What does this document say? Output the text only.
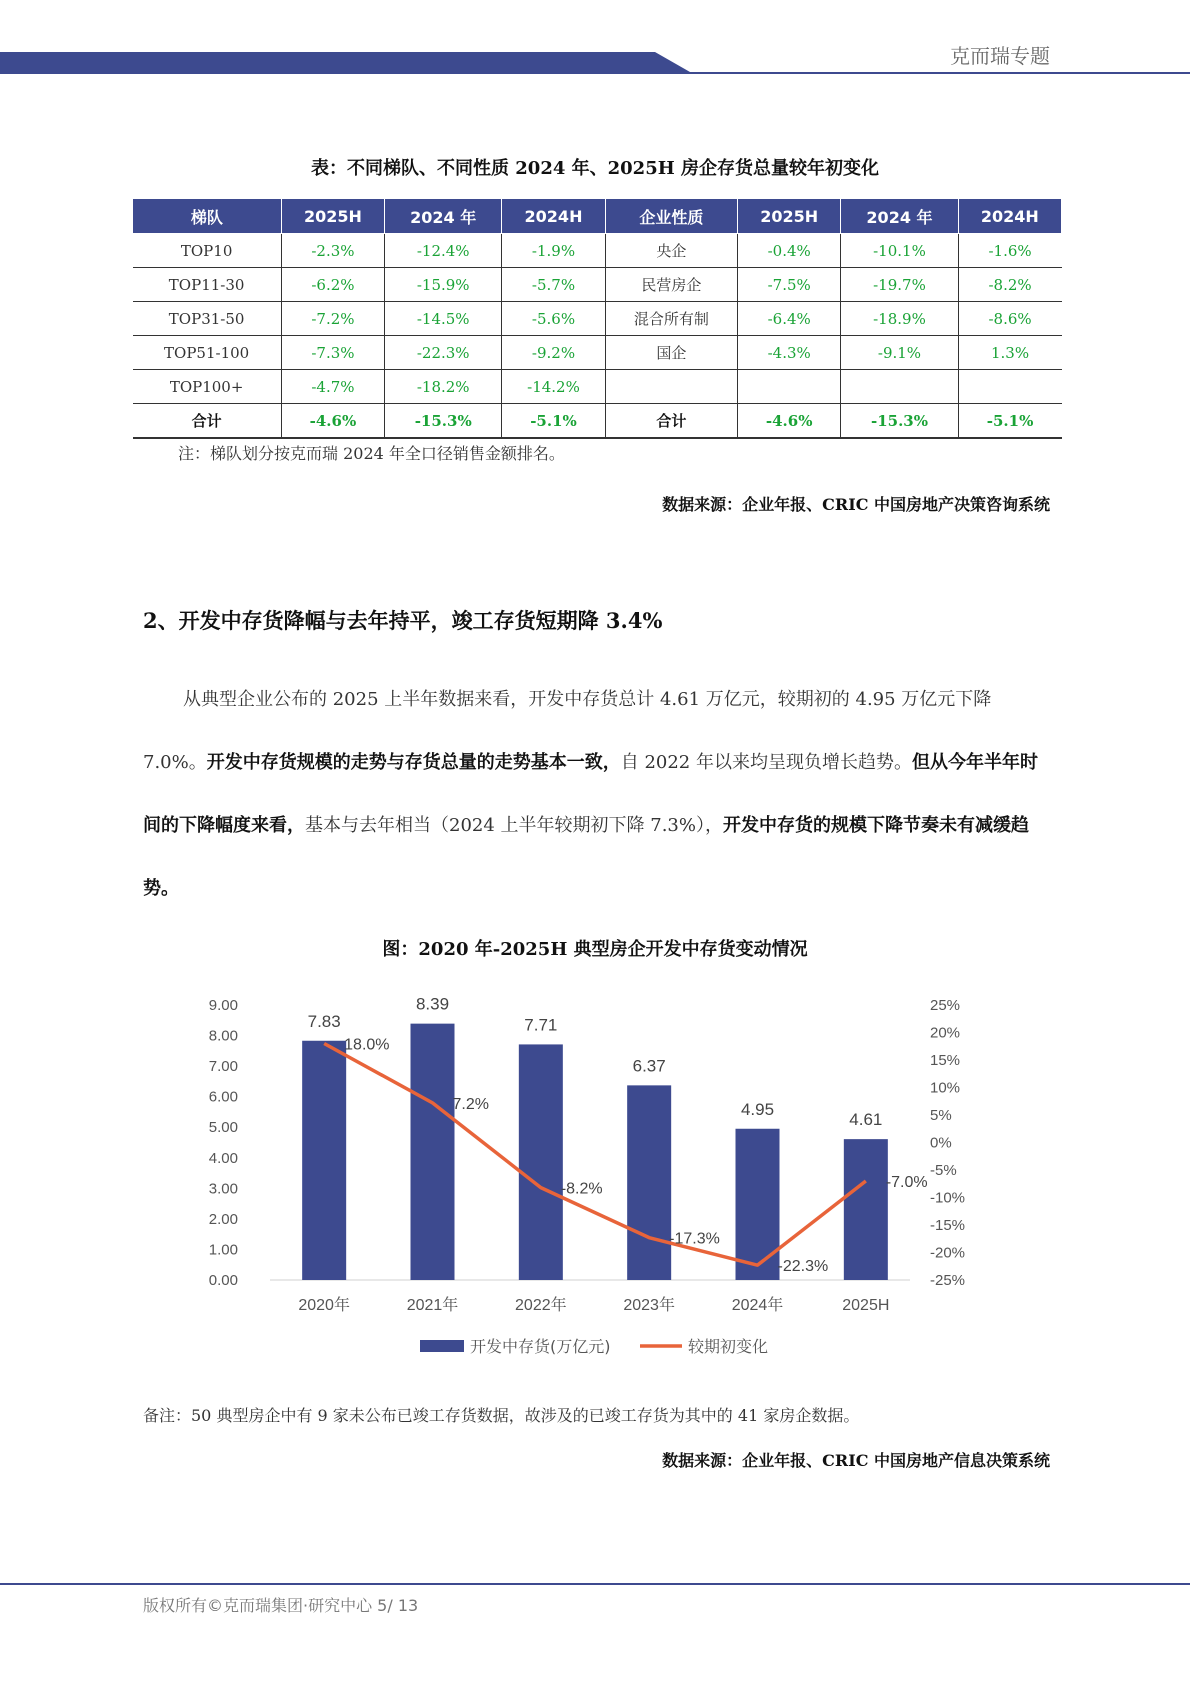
克而瑞专题
表：不同梯队、不同性质 2024 年、2025H 房企存货总量较年初变化
梯队	2025H	2024 年	2024H	企业性质	2025H	2024 年	2024H
TOP10	-2.3%	-12.4%	-1.9%	央企	-0.4%	-10.1%	-1.6%
TOP11-30	-6.2%	-15.9%	-5.7%	民营房企	-7.5%	-19.7%	-8.2%
TOP31-50	-7.2%	-14.5%	-5.6%	混合所有制	-6.4%	-18.9%	-8.6%
TOP51-100	-7.3%	-22.3%	-9.2%	国企	-4.3%	-9.1%	1.3%
TOP100+	-4.7%	-18.2%	-14.2%				
合计	-4.6%	-15.3%	-5.1%	合计	-4.6%	-15.3%	-5.1%
注：梯队划分按克而瑞 2024 年全口径销售金额排名。
数据来源：企业年报、CRIC 中国房地产决策咨询系统
2、开发中存货降幅与去年持平，竣工存货短期降 3.4%
从典型企业公布的 2025 上半年数据来看，开发中存货总计 4.61 万亿元，较期初的 4.95 万亿元下降 7.0%。开发中存货规模的走势与存货总量的走势基本一致，自 2022 年以来均呈现负增长趋势。但从今年半年时间的下降幅度来看，基本与去年相当（2024 上半年较期初下降 7.3%），开发中存货的规模下降节奏未有减缓趋势。
图：2020 年-2025H 典型房企开发中存货变动情况
0.00
1.00
2.00
3.00
4.00
5.00
6.00
7.00
8.00
9.00
-25%
-20%
-15%
-10%
-5%
0%
5%
10%
15%
20%
25%
7.83
8.39
7.71
6.37
4.95
4.61
2020年	2021年	2022年	2023年	2024年	2025H
18.0%
7.2%
-8.2%
-17.3%
-22.3%
-7.0%
开发中存货(万亿元)	较期初变化
备注：50 典型房企中有 9 家未公布已竣工存货数据，故涉及的已竣工存货为其中的 41 家房企数据。
数据来源：企业年报、CRIC 中国房地产信息决策系统
版权所有©克而瑞集团·研究中心 5/ 13
